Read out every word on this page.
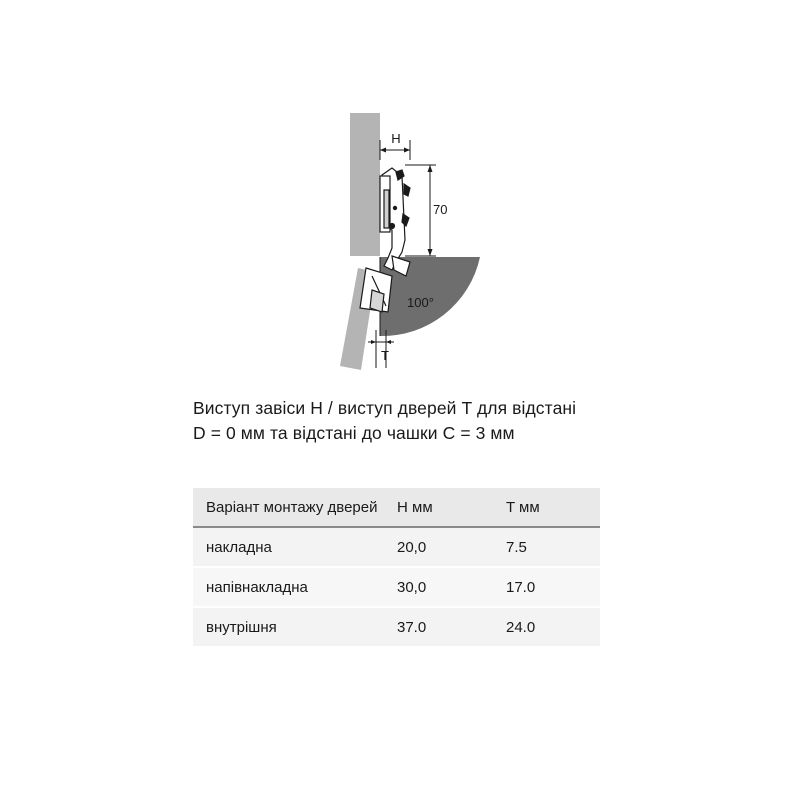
H
70
T
100°
Виступ завіси H / виступ дверей T для відстані
D = 0 мм та відстані до чашки C = 3 мм
Варіант монтажу дверей	H мм	T мм
накладна	20,0	7.5
напівнакладна	30,0	17.0
внутрішня	37.0	24.0
